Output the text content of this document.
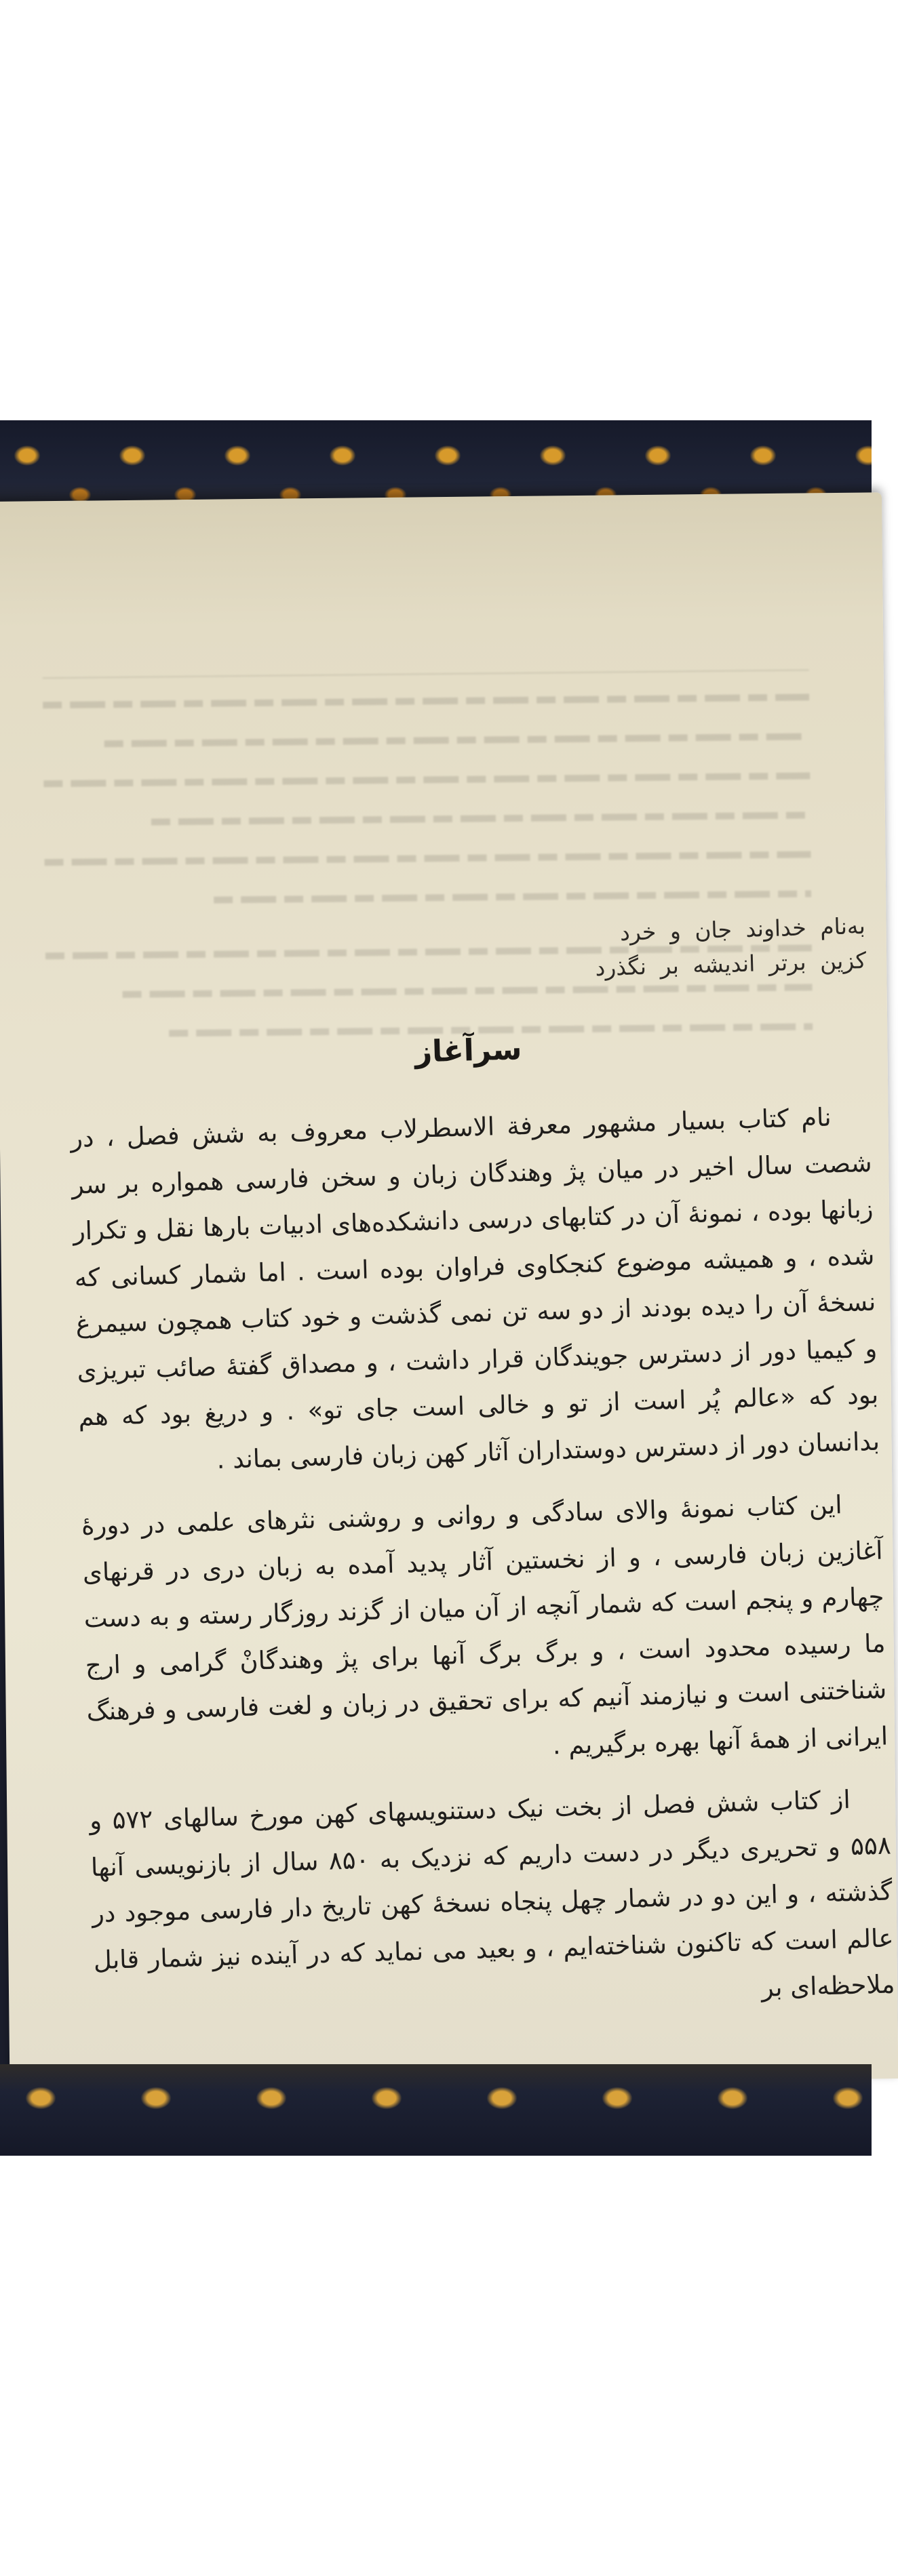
به‌نام خداوند جان و خرد
کزین برتر اندیشه بر نگذرد
سرآغاز

نام کتاب بسیار مشهور معرفة الاسطرلاب معروف به شش فصل ، در شصت سال اخیر در میان پژ وهندگان زبان و سخن فارسی همواره بر سر زبانها بوده ، نمونهٔ آن در کتابهای درسی دانشکده‌های ادبیات بارها نقل و تکرار شده ، و همیشه موضوع کنجکاوی فراوان بوده است . اما شمار کسانی که نسخهٔ آن را دیده بودند از دو سه تن نمی گذشت و خود کتاب همچون سیمرغ و کیمیا دور از دسترس جویندگان قرار داشت ، و مصداق گفتهٔ صائب تبریزی بود که «عالم پُر است از تو و خالی است جای تو» . و دریغ بود که هم بدانسان دور از دسترس دوستداران آثار کهن زبان فارسی بماند .

این کتاب نمونهٔ والای سادگی و روانی و روشنی نثرهای علمی در دورهٔ آغازین زبان فارسی ، و از نخستین آثار پدید آمده به زبان دری در قرنهای چهارم و پنجم است که شمار آنچه از آن میان از گزند روزگار رسته و به دست ما رسیده محدود است ، و برگ برگ آنها برای پژ وهندگانْ گرامی و ارج شناختنی است و نیازمند آنیم که برای تحقیق در زبان و لغت فارسی و فرهنگ ایرانی از همهٔ آنها بهره برگیریم .

از کتاب شش فصل از بخت نیک دستنویسهای کهن مورخ سالهای ۵۷۲ و ۵۵۸ و تحریری دیگر در دست داریم که نزدیک به ۸۵۰ سال از بازنویسی آنها گذشته ، و این دو در شمار چهل پنجاه نسخهٔ کهن تاریخ دار فارسی موجود در عالم است که تاکنون شناخته‌ایم ، و بعید می نماید که در آینده نیز شمار قابل ملاحظه‌ای بر
